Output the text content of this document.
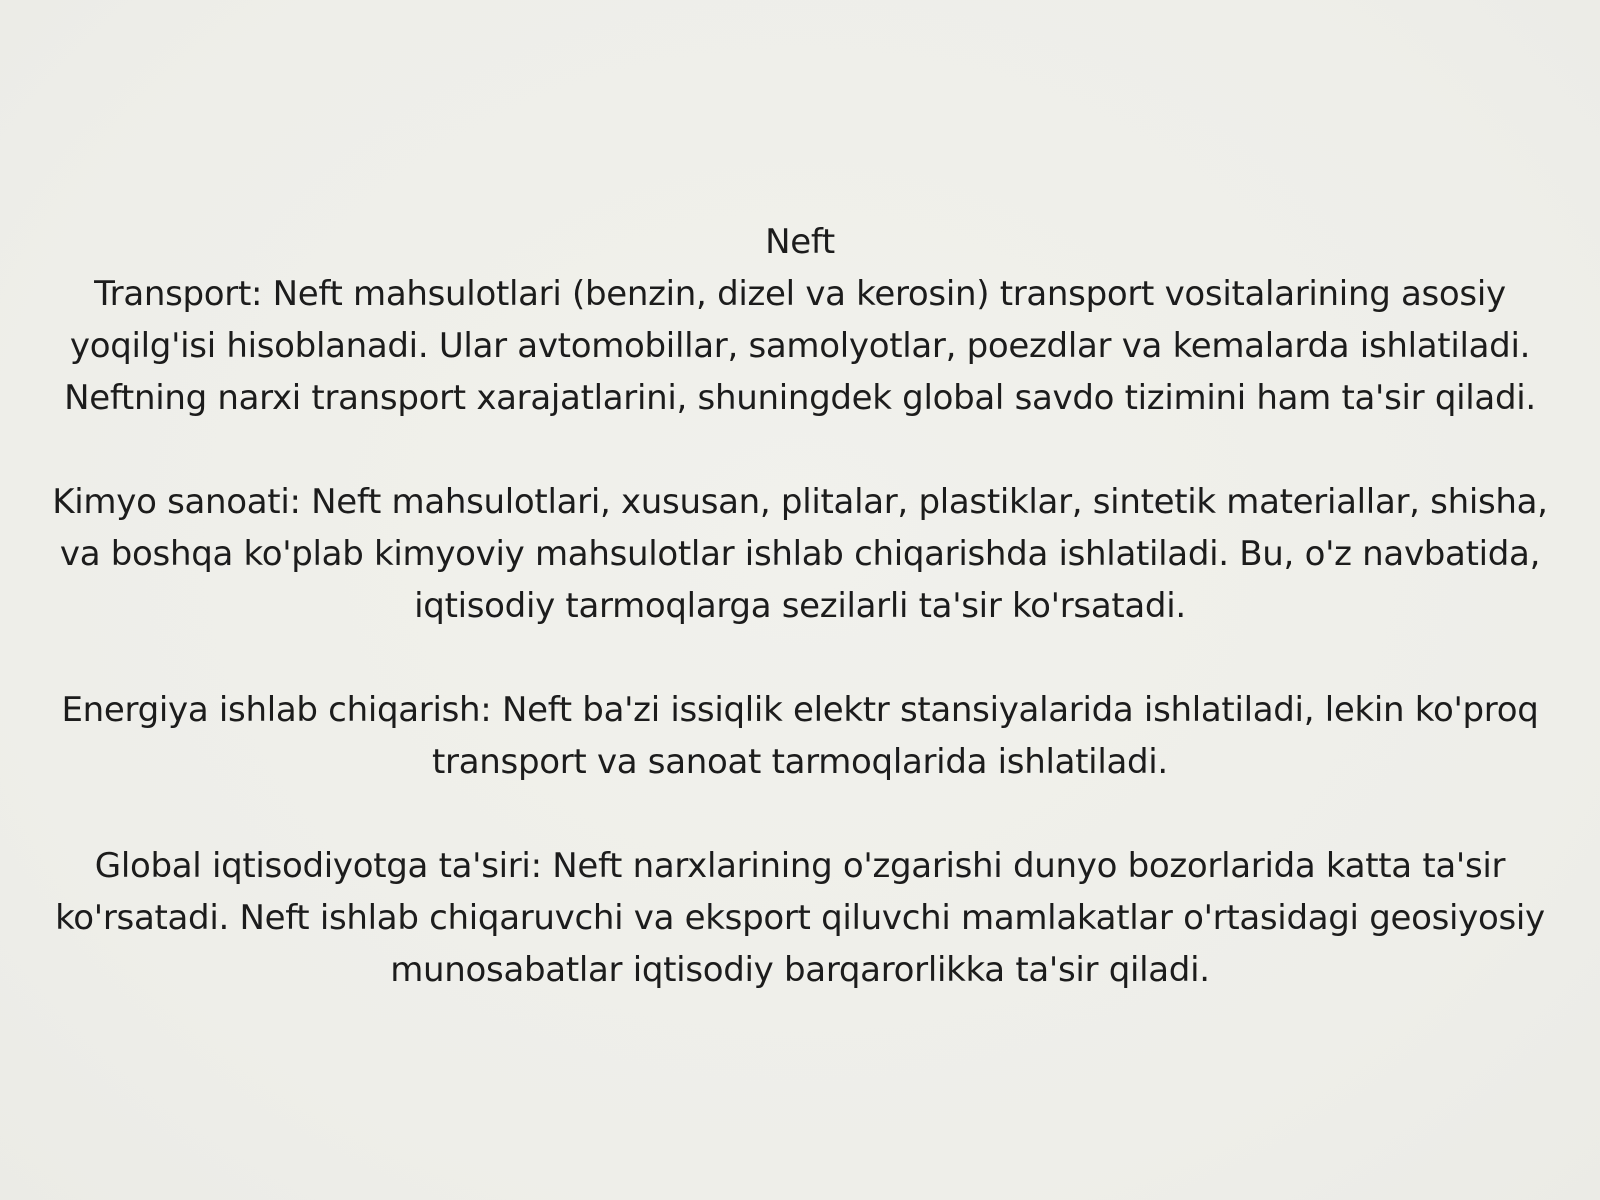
Neft
Transport: Neft mahsulotlari (benzin, dizel va kerosin) transport vositalarining asosiy
yoqilg'isi hisoblanadi. Ular avtomobillar, samolyotlar, poezdlar va kemalarda ishlatiladi.
Neftning narxi transport xarajatlarini, shuningdek global savdo tizimini ham ta'sir qiladi.
Kimyo sanoati: Neft mahsulotlari, xususan, plitalar, plastiklar, sintetik materiallar, shisha,
va boshqa ko'plab kimyoviy mahsulotlar ishlab chiqarishda ishlatiladi. Bu, o'z navbatida,
iqtisodiy tarmoqlarga sezilarli ta'sir ko'rsatadi.
Energiya ishlab chiqarish: Neft ba'zi issiqlik elektr stansiyalarida ishlatiladi, lekin ko'proq
transport va sanoat tarmoqlarida ishlatiladi.
Global iqtisodiyotga ta'siri: Neft narxlarining o'zgarishi dunyo bozorlarida katta ta'sir
ko'rsatadi. Neft ishlab chiqaruvchi va eksport qiluvchi mamlakatlar o'rtasidagi geosiyosiy
munosabatlar iqtisodiy barqarorlikka ta'sir qiladi.
